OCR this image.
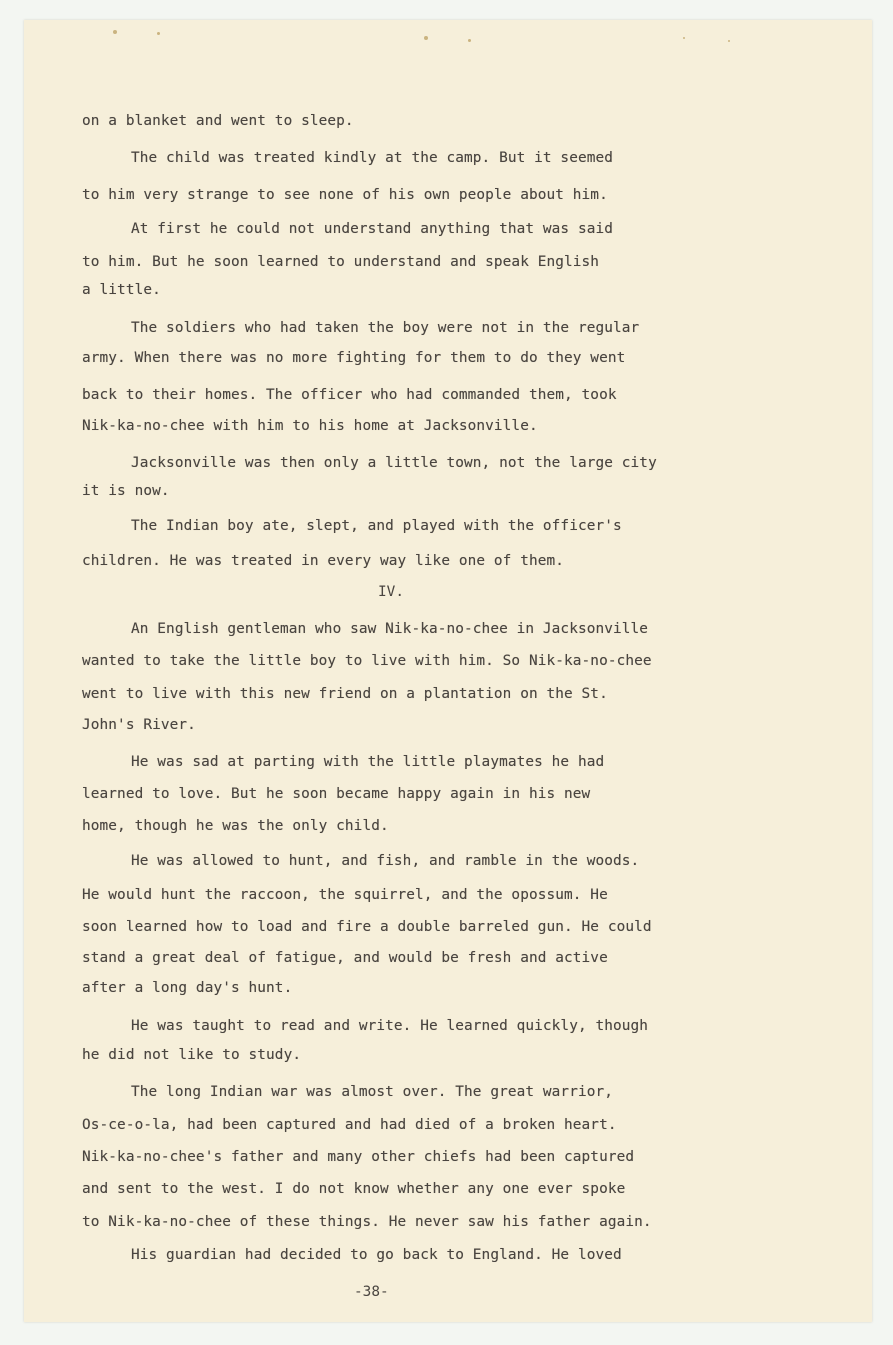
on a blanket and went to sleep.
The child was treated kindly at the camp. But it seemed
to him very strange to see none of his own people about him.
At first he could not understand anything that was said
to him. But he soon learned to understand and speak English
a little.
The soldiers who had taken the boy were not in the regular
army. When there was no more fighting for them to do they went
back to their homes. The officer who had commanded them, took
Nik-ka-no-chee with him to his home at Jacksonville.
Jacksonville was then only a little town, not the large city
it is now.
The Indian boy ate, slept, and played with the officer's
children. He was treated in every way like one of them.
IV.
An English gentleman who saw Nik-ka-no-chee in Jacksonville
wanted to take the little boy to live with him. So Nik-ka-no-chee
went to live with this new friend on a plantation on the St.
John's River.
He was sad at parting with the little playmates he had
learned to love. But he soon became happy again in his new
home, though he was the only child.
He was allowed to hunt, and fish, and ramble in the woods.
He would hunt the raccoon, the squirrel, and the opossum. He
soon learned how to load and fire a double barreled gun. He could
stand a great deal of fatigue, and would be fresh and active
after a long day's hunt.
He was taught to read and write. He learned quickly, though
he did not like to study.
The long Indian war was almost over. The great warrior,
Os-ce-o-la, had been captured and had died of a broken heart.
Nik-ka-no-chee's father and many other chiefs had been captured
and sent to the west. I do not know whether any one ever spoke
to Nik-ka-no-chee of these things. He never saw his father again.
His guardian had decided to go back to England. He loved
-38-
